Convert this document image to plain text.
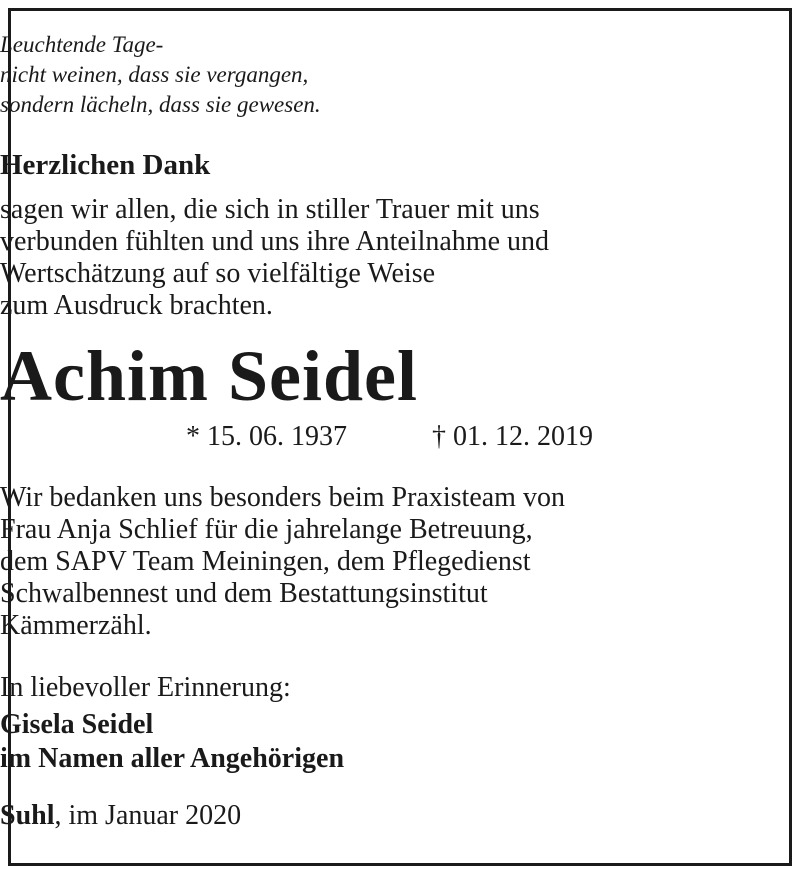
Leuchtende Tage-
nicht weinen, dass sie vergangen,
sondern lächeln, dass sie gewesen.
Herzlichen Dank
sagen wir allen, die sich in stiller Trauer mit uns
verbunden fühlten und uns ihre Anteilnahme und
Wertschätzung auf so vielfältige Weise
zum Ausdruck brachten.
Achim Seidel
* 15. 06. 1937	† 01. 12. 2019
Wir bedanken uns besonders beim Praxisteam von
Frau Anja Schlief für die jahrelange Betreuung,
dem SAPV Team Meiningen, dem Pflegedienst
Schwalbennest und dem Bestattungsinstitut
Kämmerzähl.
In liebevoller Erinnerung:
Gisela Seidel
im Namen aller Angehörigen
Suhl, im Januar 2020
